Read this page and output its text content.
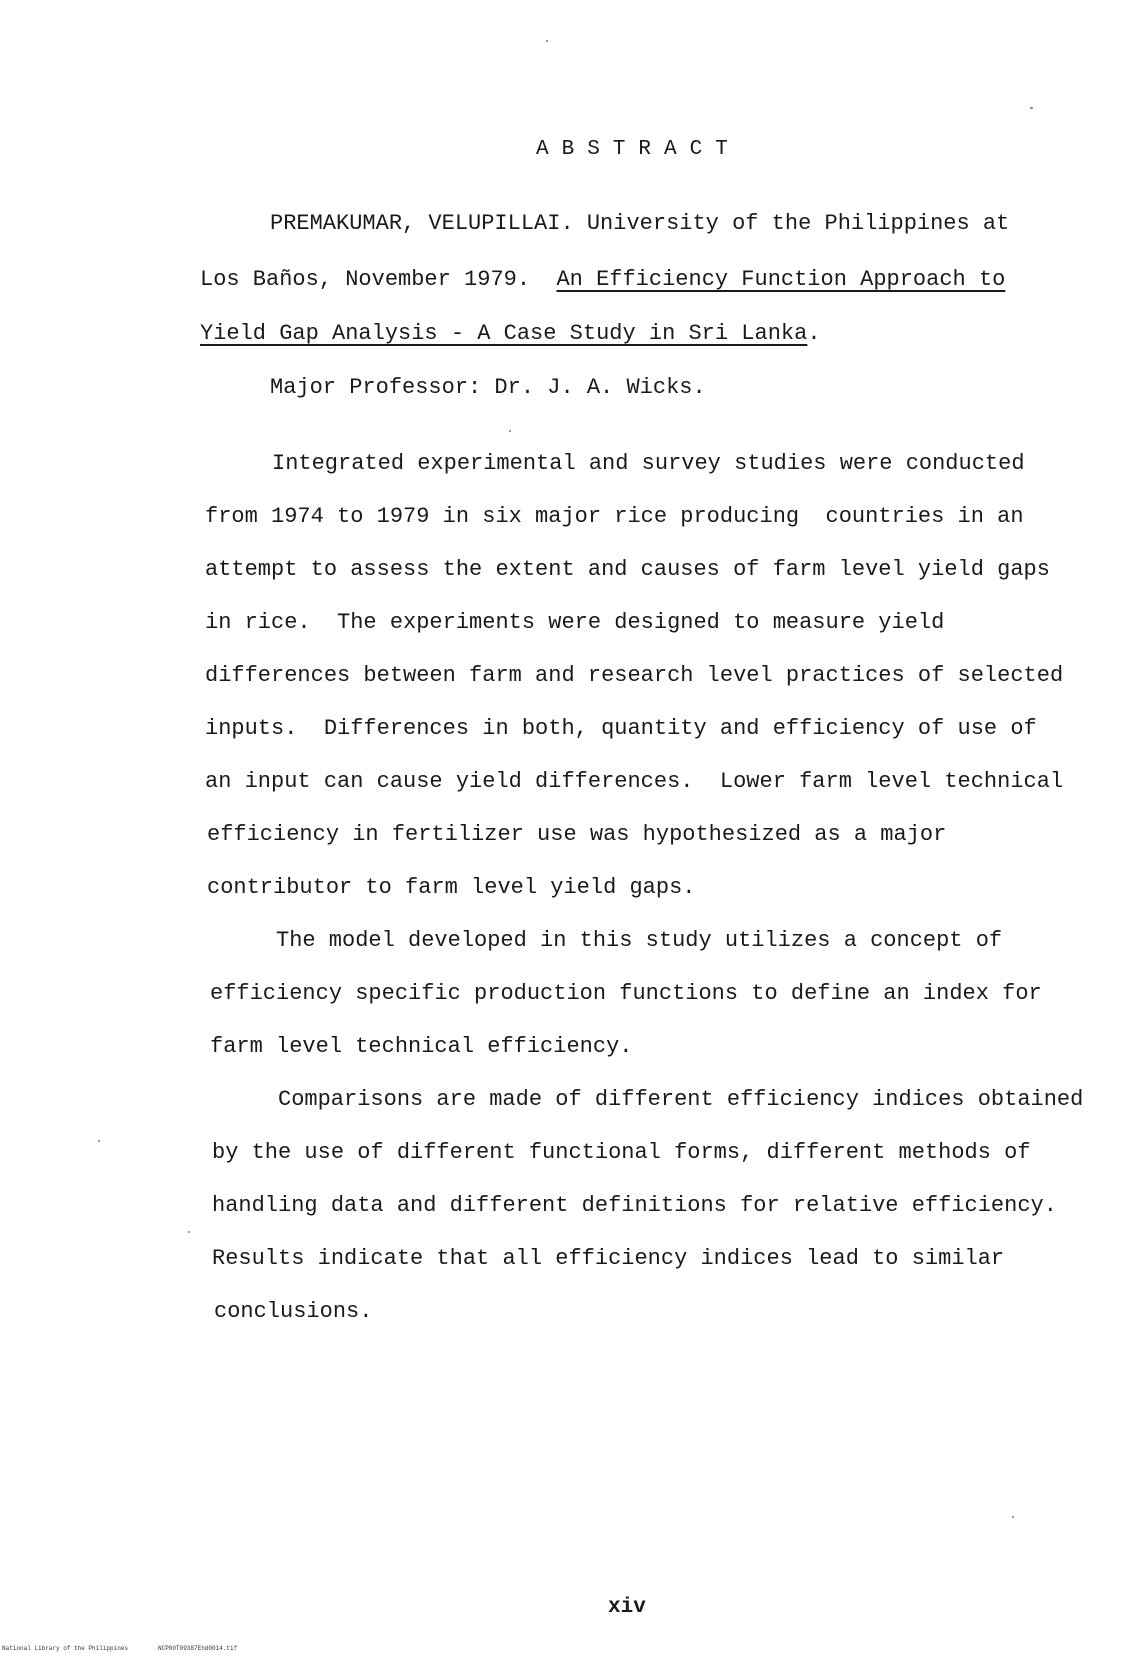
ABSTRACT
PREMAKUMAR, VELUPILLAI. University of the Philippines at
Los Baños, November 1979. An Efficiency Function Approach to
Yield Gap Analysis - A Case Study in Sri Lanka.
Major Professor: Dr. J. A. Wicks.
Integrated experimental and survey studies were conducted
from 1974 to 1979 in six major rice producing  countries in an
attempt to assess the extent and causes of farm level yield gaps
in rice.  The experiments were designed to measure yield
differences between farm and research level practices of selected
inputs.  Differences in both, quantity and efficiency of use of
an input can cause yield differences.  Lower farm level technical
efficiency in fertilizer use was hypothesized as a major
contributor to farm level yield gaps.
The model developed in this study utilizes a concept of
efficiency specific production functions to define an index for
farm level technical efficiency.
Comparisons are made of different efficiency indices obtained
by the use of different functional forms, different methods of
handling data and different definitions for relative efficiency.
Results indicate that all efficiency indices lead to similar
conclusions.
xiv
National Library of the Philippines	NCP00T09387Ehd0014.tif
